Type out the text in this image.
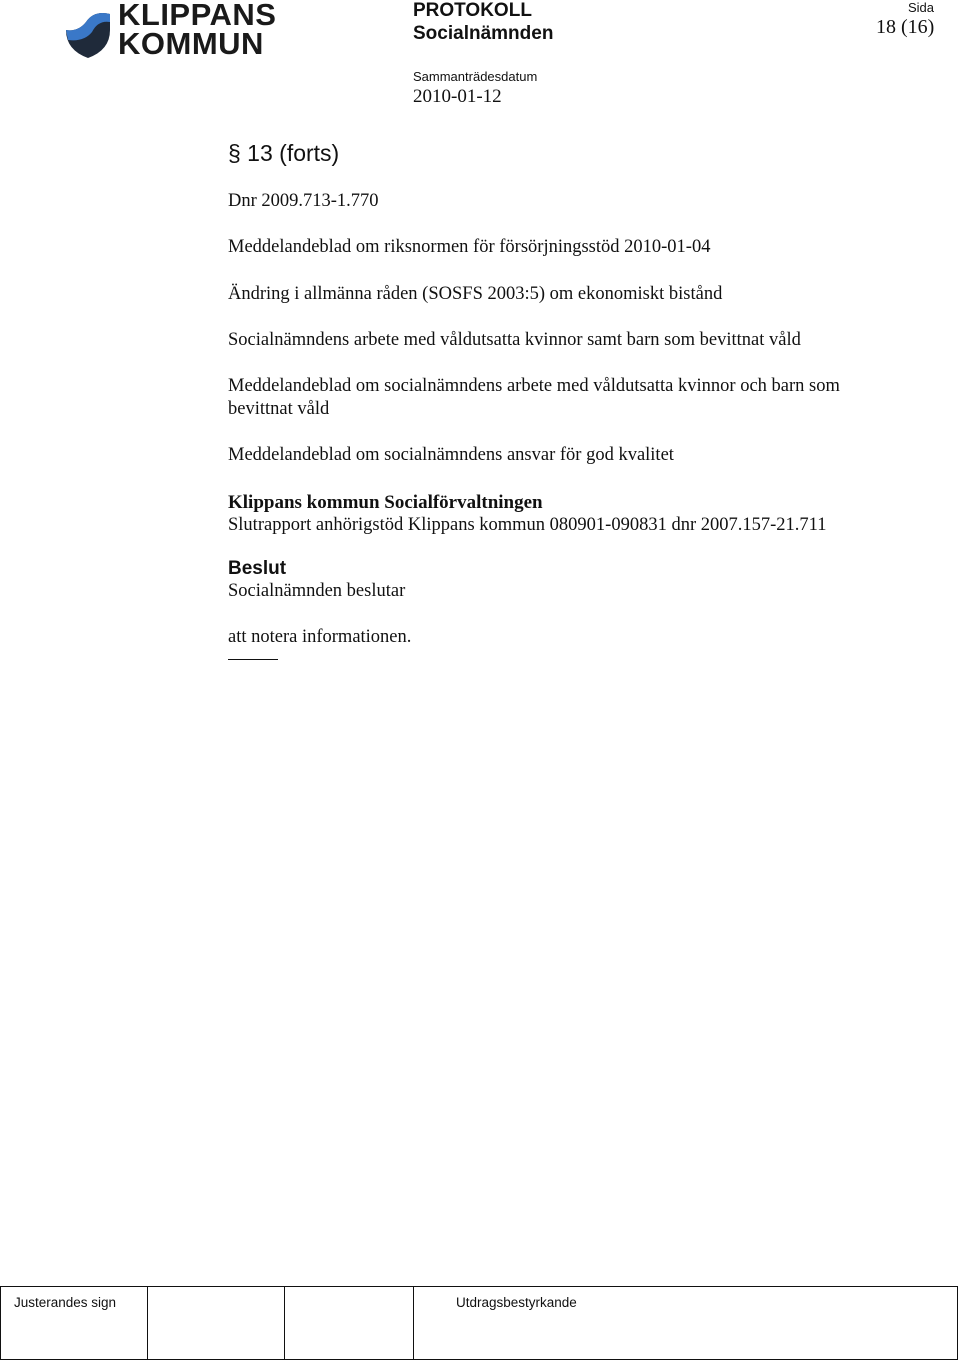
KLIPPANS
KOMMUN
PROTOKOLL
Socialnämnden
Sammanträdesdatum
2010-01-12
Sida
18 (16)

§ 13 (forts)

Dnr 2009.713-1.770

Meddelandeblad om riksnormen för försörjningsstöd 2010-01-04

Ändring i allmänna råden (SOSFS 2003:5) om ekonomiskt bistånd

Socialnämndens arbete med våldutsatta kvinnor samt barn som bevittnat våld

Meddelandeblad om socialnämndens arbete med våldutsatta kvinnor och barn som bevittnat våld

Meddelandeblad om socialnämndens ansvar för god kvalitet

Klippans kommun Socialförvaltningen

Slutrapport anhörigstöd Klippans kommun 080901-090831 dnr 2007.157-21.711

Beslut

Socialnämnden beslutar

att notera informationen.

Justerandes sign	Utdragsbestyrkande
